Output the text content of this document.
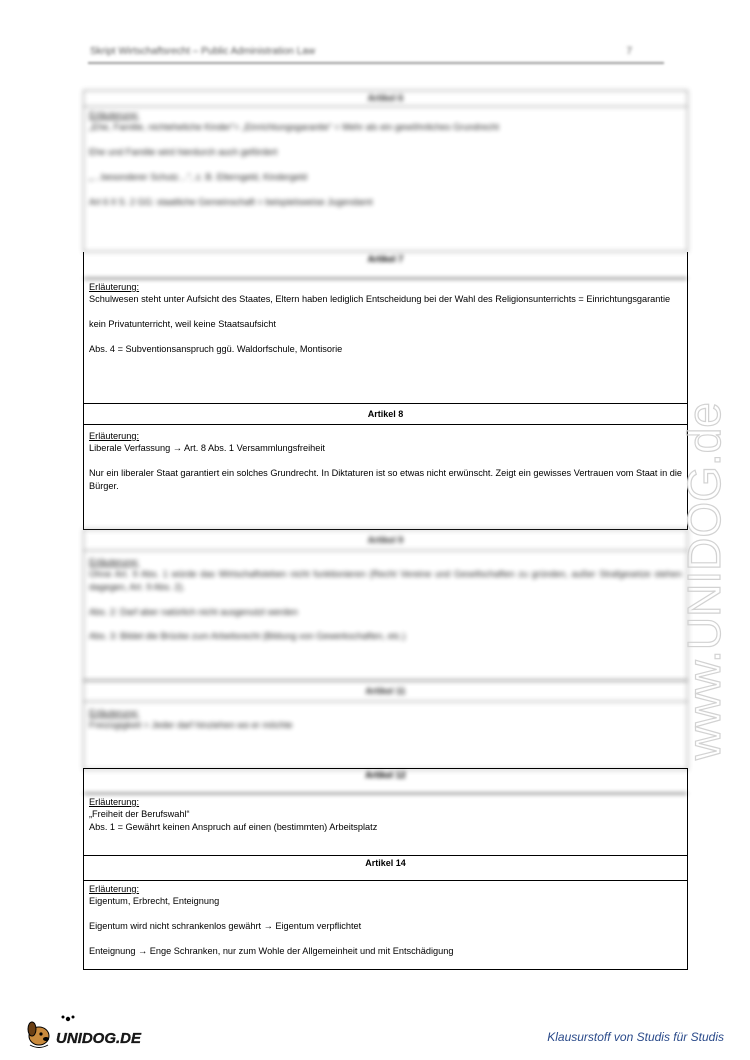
Skript Wirtschaftsrecht – Public Administration Law	7
Artikel 6
Erläuterung:

„Ehe, Familie, nichteheliche Kinder“= „Einrichtungsgarantie“ = Mehr als ein gewöhnliches Grundrecht

Ehe und Familie wird hierdurch auch gefördert

„…besonderer Schutz…“, z. B. Elterngeld, Kindergeld

Art 6 II S. 2 GG: staatliche Gemeinschaft = beispielsweise Jugendamt

Artikel 7
Erläuterung:

Schulwesen steht unter Aufsicht des Staates, Eltern haben lediglich Entscheidung bei der Wahl des Religionsunterrichts = Einrichtungsgarantie

kein Privatunterricht, weil keine Staatsaufsicht

Abs. 4 = Subventionsanspruch ggü. Waldorfschule, Montisorie

Artikel 8
Erläuterung:

Liberale Verfassung → Art. 8 Abs. 1 Versammlungsfreiheit

Nur ein liberaler Staat garantiert ein solches Grundrecht. In Diktaturen ist so etwas nicht erwünscht. Zeigt ein gewisses Vertrauen vom Staat in die Bürger.

Artikel 9
Erläuterung:

Ohne Art. 9 Abs. 1 würde das Wirtschaftsleben nicht funktionieren (Recht Vereine und Gesellschaften zu gründen, außer Strafgesetze stehen dagegen, Art. 9 Abs. 2).

Abs. 2: Darf aber natürlich nicht ausgenutzt werden

Abs. 3: Bildet die Brücke zum Arbeitsrecht (Bildung von Gewerkschaften, etc.)

Artikel 11
Erläuterung:

Freizügigkeit = Jeder darf hinziehen wo er möchte

Artikel 12
Erläuterung:

„Freiheit der Berufswahl“

Abs. 1 = Gewährt keinen Anspruch auf einen (bestimmten) Arbeitsplatz

Artikel 14
Erläuterung:

Eigentum, Erbrecht, Enteignung

Eigentum wird nicht schrankenlos gewährt → Eigentum verpflichtet

Enteignung → Enge Schranken, nur zum Wohle der Allgemeinheit und mit Entschädigung

www.UNIDOG.de
UNIDOG.DE	Klausurstoff von Studis für Studis
